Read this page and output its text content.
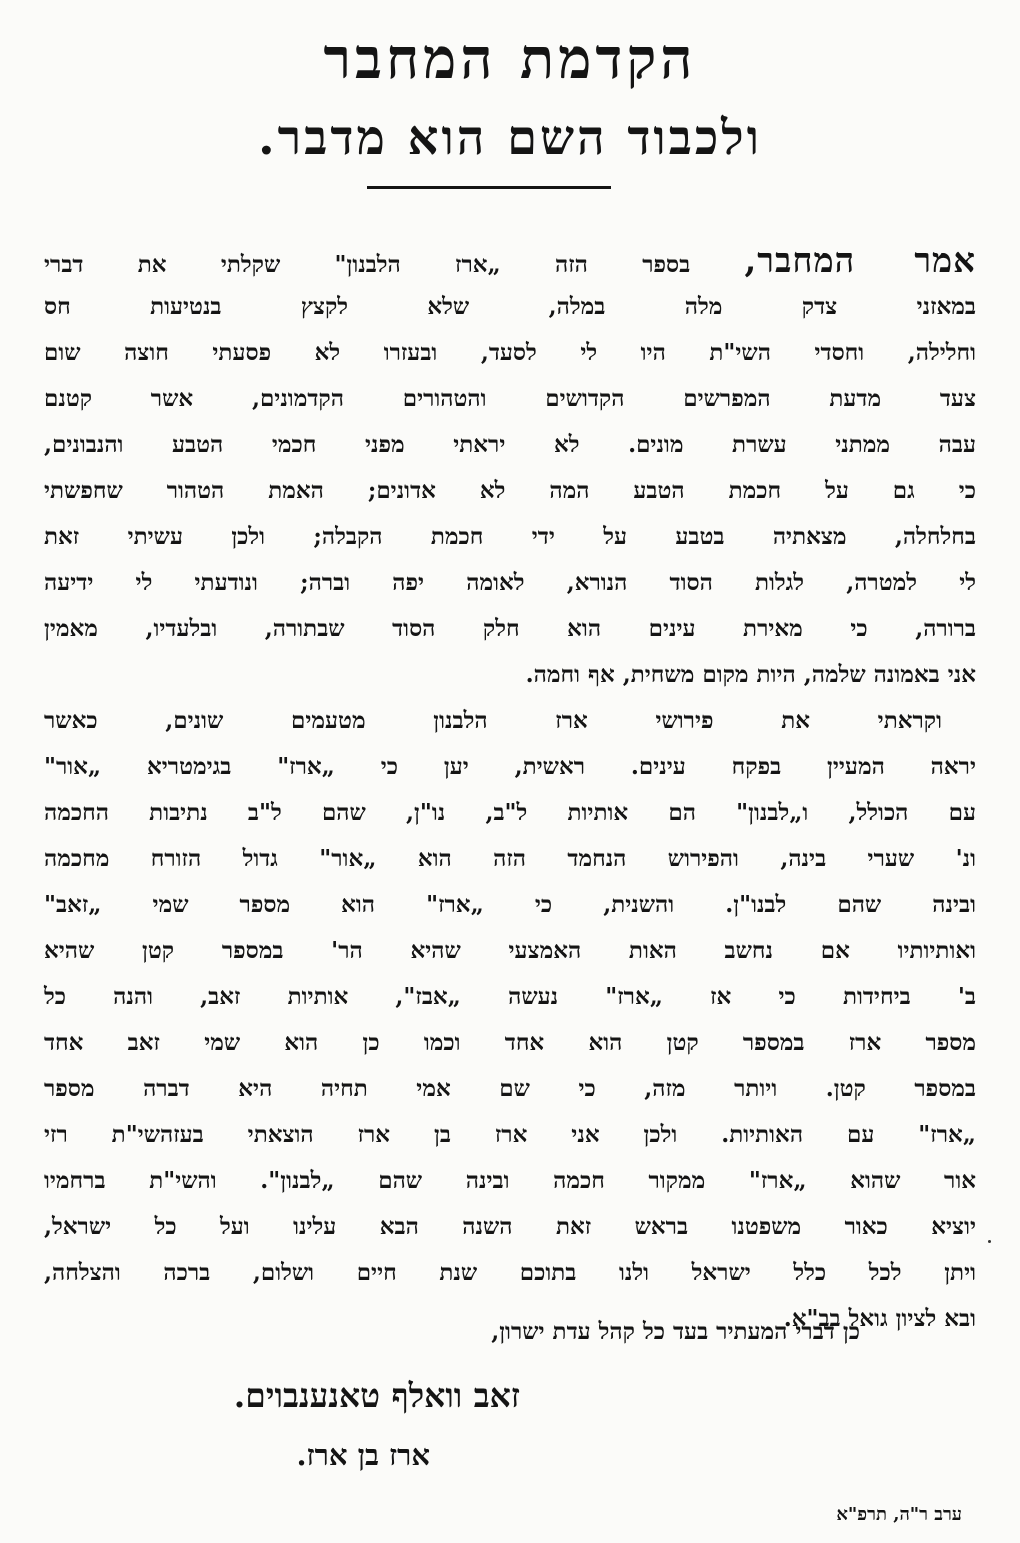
הקדמת המחבר
ולכבוד השם הוא מדבר.
אמר המחבר, בספר הזה „ארז הלבנון" שקלתי את דברי
במאזני צדק מלה במלה, שלא לקצץ בנטיעות חס
וחלילה, וחסדי השי"ת היו לי לסעד, ובעזרו לא פסעתי חוצה שום
צעד מדעת המפרשים הקדושים והטהורים הקדמונים, אשר קטנם
עבה ממתני עשרת מונים. לא יראתי מפני חכמי הטבע והנבונים,
כי גם על חכמת הטבע המה לא אדונים; האמת הטהור שחפשתי
בחלחלה, מצאתיה בטבע על ידי חכמת הקבלה; ולכן עשיתי זאת
לי למטרה, לגלות הסוד הנורא, לאומה יפה וברה; ונודעתי לי ידיעה
ברורה, כי מאירת עינים הוא חלק הסוד שבתורה, ובלעדיו, מאמין
אני באמונה שלמה, היות מקום משחית, אף וחמה.
וקראתי את פירושי ארז הלבנון מטעמים שונים, כאשר
יראה המעיין בפקח עינים. ראשית, יען כי „ארז" בגימטריא „אור"
עם הכולל, ו„לבנון" הם אותיות ל"ב, נו"ן, שהם ל"ב נתיבות החכמה
ונ' שערי בינה, והפירוש הנחמד הזה הוא „אור" גדול הזורח מחכמה
ובינה שהם לבנו"ן. והשנית, כי „ארז" הוא מספר שמי „זאב"
ואותיותיו אם נחשב האות האמצעי שהיא הר' במספר קטן שהיא
ב' ביחידות כי אז „ארז" נעשה „אבז", אותיות זאב, והנה כל
מספר ארז במספר קטן הוא אחד וכמו כן הוא שמי זאב אחד
במספר קטן. ויותר מזה, כי שם אמי תחיה היא דברה מספר
„ארז" עם האותיות. ולכן אני ארז בן ארז הוצאתי בעזהשי"ת רזי
אור שהוא „ארז" ממקור חכמה ובינה שהם „לבנון". והשי"ת ברחמיו
יוציא כאור משפטנו בראש זאת השנה הבא עלינו ועל כל ישראל,
ויתן לכל כלל ישראל ולנו בתוכם שנת חיים ושלום, ברכה והצלחה,
ובא לציון גואל בב"א.
כן דברי המעתיר בעד כל קהל עדת ישרון,
זאב וואלף טאנענבוים.
ארז בן ארז.
ערב ר"ה, תרפ"א
